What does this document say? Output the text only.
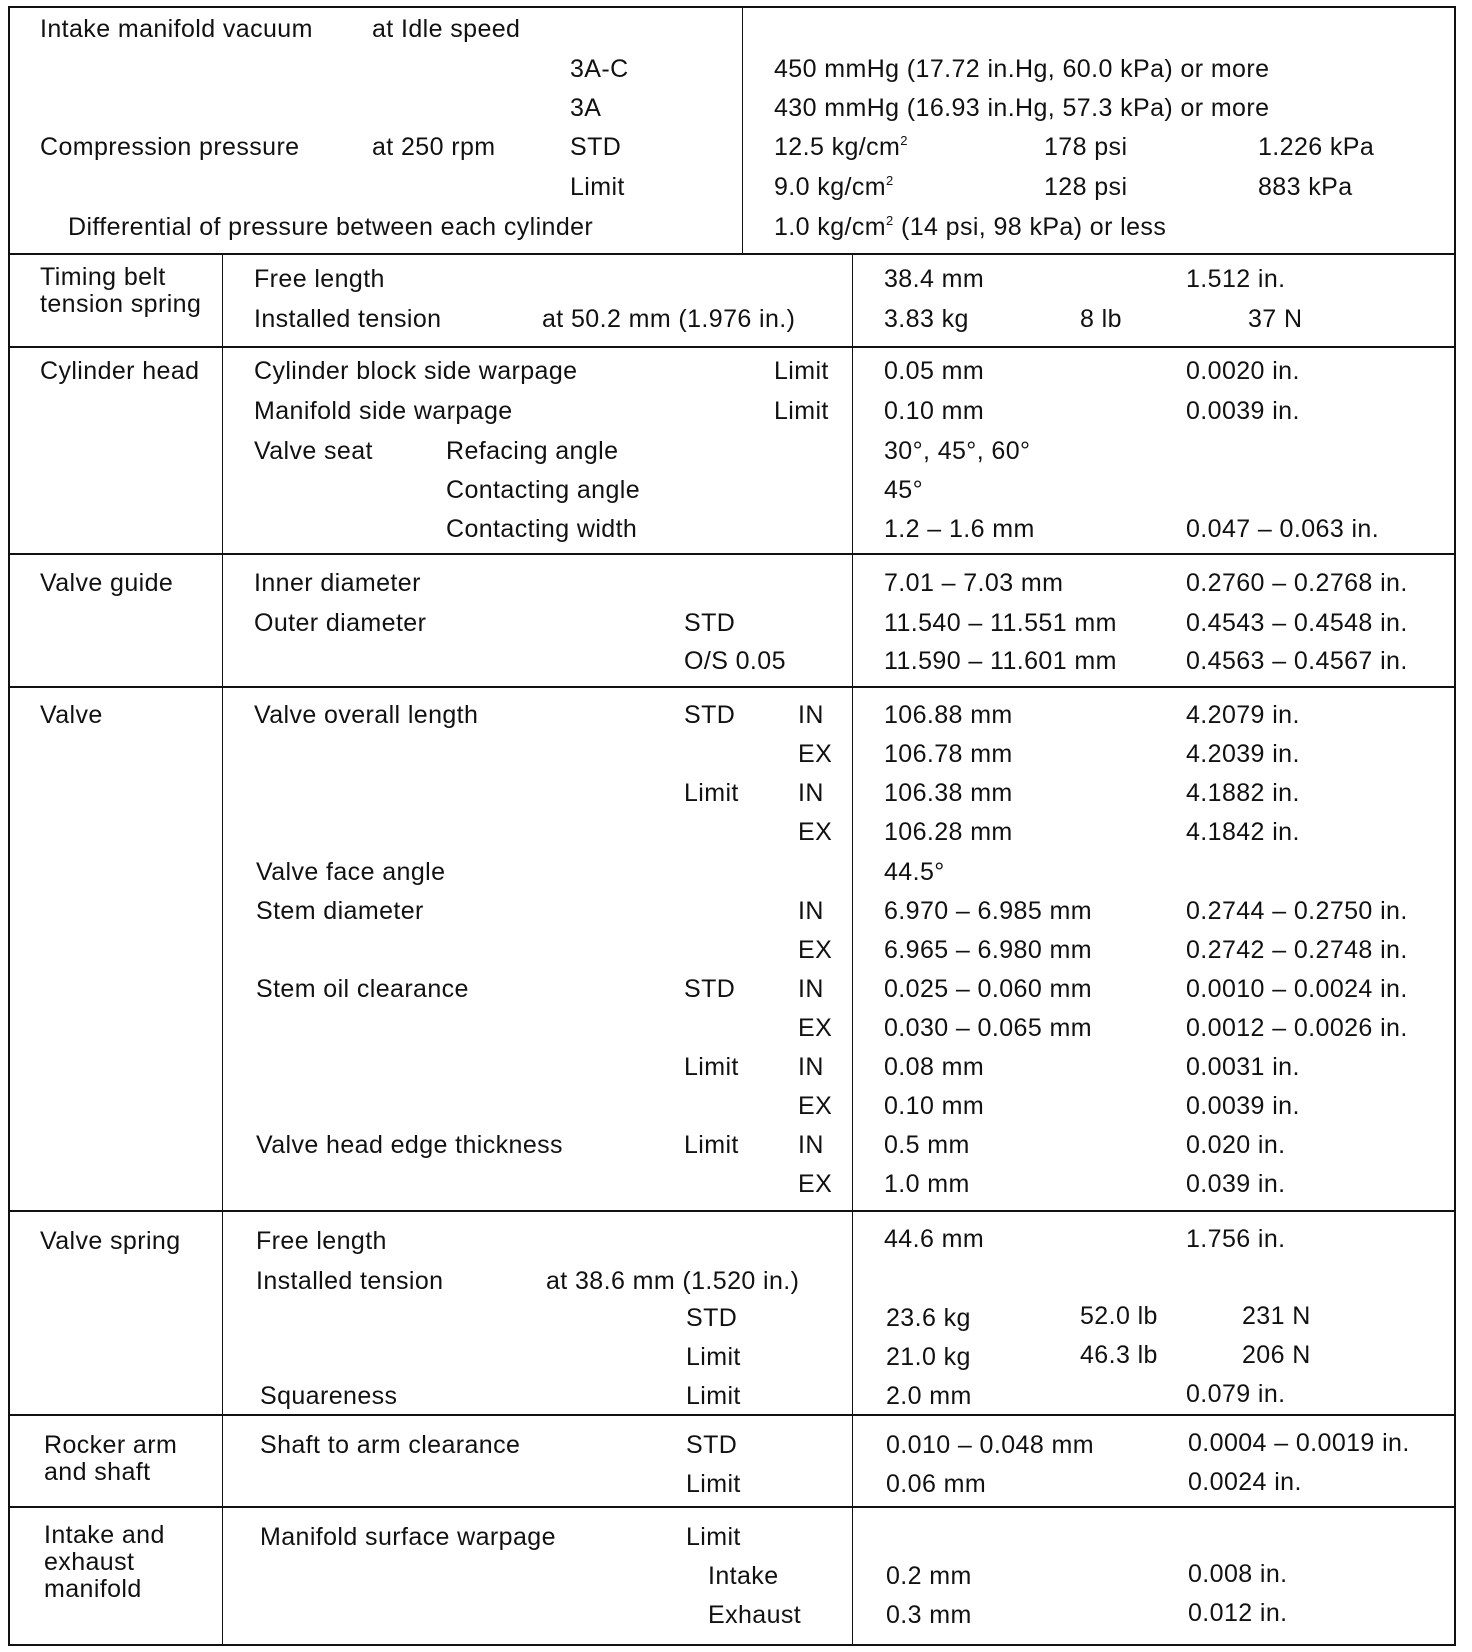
Intake manifold vacuum at Idle speed
3A-C	450 mmHg (17.72 in.Hg, 60.0 kPa) or more
3A	430 mmHg (16.93 in.Hg, 57.3 kPa) or more
Compression pressure	at 250 rpm	STD	12.5 $kg/cm^2$	178 psi	1.226 kPa
Limit	9.0 $kg/cm^2$	128 psi	883 kPa
Differential of pressure between each cylinder	1.0 $kg/cm^2$ (14 psi, 98 kPa) or less
Timing belt tension spring
Free length	38.4 mm	1.512 in.
Installed tension	at 50.2 mm (1.976 in.)	3.83 kg	8 lb	37 N
Cylinder head Cylinder block side warpage	Limit 0.05 mm	0.0020 in.
Manifold side warpage	Limit 0.10 mm	0.0039 in.
Valve seat	Refacing angle	30°, 45°, 60°
Contacting angle	45°
Contacting width	1.2 – 1.6 mm	0.047 – 0.063 in.
Valve guide	Inner diameter	7.01 – 7.03 mm	0.2760 – 0.2768 in.
Outer diameter	STD	11.540 – 11.551 mm	0.4543 – 0.4548 in.
O/S 0.05	11.590 – 11.601 mm	0.4563 – 0.4567 in.
Valve	Valve overall length	STD	IN 106.88 mm	4.2079 in.
EX 106.78 mm	4.2039 in.
Limit IN 106.38 mm	4.1882 in.
EX 106.28 mm	4.1842 in.
Valve face angle	44.5°
Stem diameter	IN 6.970 – 6.985 mm	0.2744 – 0.2750 in.
EX 6.965 – 6.980 mm	0.2742 – 0.2748 in.
Stem oil clearance	STD	IN 0.025 – 0.060 mm	0.0010 – 0.0024 in.
EX 0.030 – 0.065 mm	0.0012 – 0.0026 in.
Limit IN 0.08 mm	0.0031 in.
EX 0.10 mm	0.0039 in.
Valve head edge thickness	Limit IN 0.5 mm	0.020 in.
EX 1.0 mm	0.039 in.
Valve spring	Free length	44.6 mm	1.756 in.
Installed tension	at 38.6 mm (1.520 in.)
STD	23.6 kg	52.0 lb	231 N
Limit	21.0 kg	46.3 lb	206 N
Squareness	Limit	2.0 mm	0.079 in.
Rocker arm and shaft
Shaft to arm clearance	STD	0.010 – 0.048 mm	0.0004 – 0.0019 in.
Limit	0.06 mm	0.0024 in.
Intake and exhaust manifold
Manifold surface warpage	Limit
Intake	0.2 mm	0.008 in.
Exhaust	0.3 mm	0.012 in.
